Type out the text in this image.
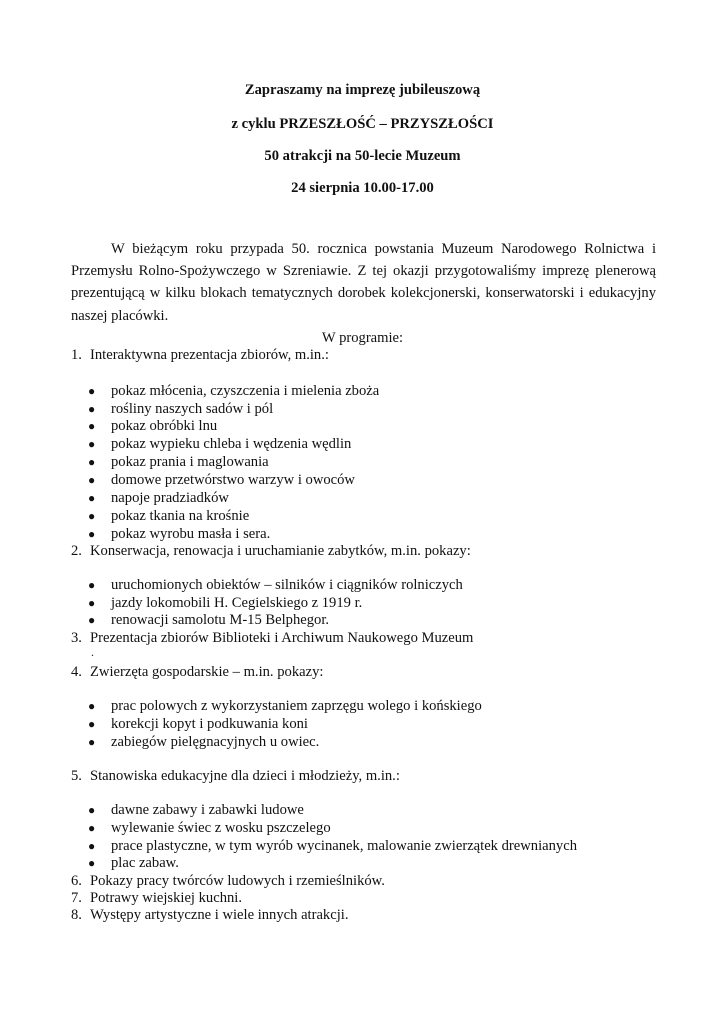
Zapraszamy na imprezę jubileuszową
z cyklu PRZESZŁOŚĆ – PRZYSZŁOŚCI
50 atrakcji na 50-lecie Muzeum
24 sierpnia 10.00-17.00

W bieżącym roku przypada 50. rocznica powstania Muzeum Narodowego Rolnictwa i Przemysłu Rolno-Spożywczego w Szreniawie. Z tej okazji przygotowaliśmy imprezę plenerową prezentującą w kilku blokach tematycznych dorobek kolekcjonerski, konserwatorski i edukacyjny naszej placówki.

W programie:
1. Interaktywna prezentacja zbiorów, m.in.:
● pokaz młócenia, czyszczenia i mielenia zboża
● rośliny naszych sadów i pól
● pokaz obróbki lnu
● pokaz wypieku chleba i wędzenia wędlin
● pokaz prania i maglowania
● domowe przetwórstwo warzyw i owoców
● napoje pradziadków
● pokaz tkania na krośnie
● pokaz wyrobu masła i sera.
2. Konserwacja, renowacja i uruchamianie zabytków, m.in. pokazy:
● uruchomionych obiektów – silników i ciągników rolniczych
● jazdy lokomobili H. Cegielskiego z 1919 r.
● renowacji samolotu M-15 Belphegor.
3. Prezentacja zbiorów Biblioteki i Archiwum Naukowego Muzeum
.
4. Zwierzęta gospodarskie – m.in. pokazy:
● prac polowych z wykorzystaniem zaprzęgu wolego i końskiego
● korekcji kopyt i podkuwania koni
● zabiegów pielęgnacyjnych u owiec.
5. Stanowiska edukacyjne dla dzieci i młodzieży, m.in.:
● dawne zabawy i zabawki ludowe
● wylewanie świec z wosku pszczelego
● prace plastyczne, w tym wyrób wycinanek, malowanie zwierzątek drewnianych
● plac zabaw.
6. Pokazy pracy twórców ludowych i rzemieślników.
7. Potrawy wiejskiej kuchni.
8. Występy artystyczne i wiele innych atrakcji.
